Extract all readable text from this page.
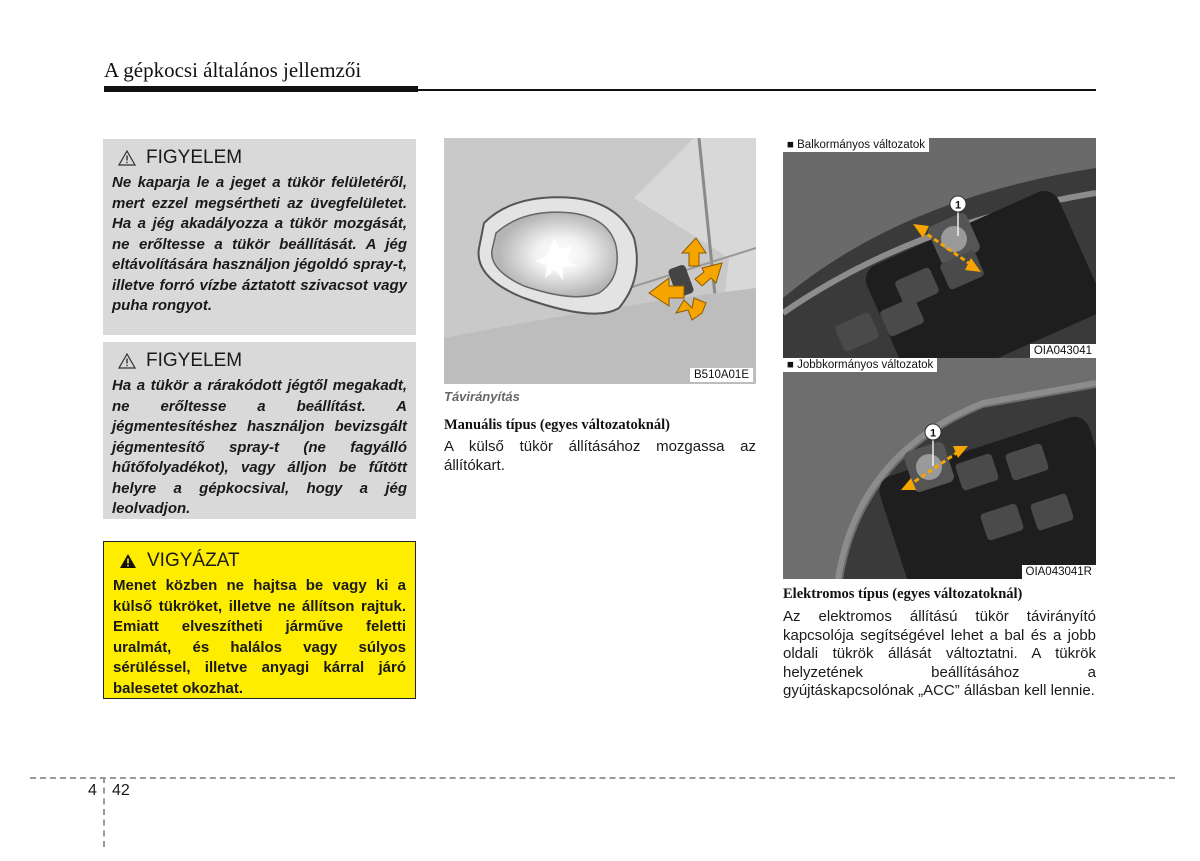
A gépkocsi általános jellemzői
FIGYELEM
Ne kaparja le a jeget a tükör felületéről, mert ezzel megsértheti az üvegfelületet. Ha a jég akadályozza a tükör mozgását, ne erőltesse a tükör beállítását. A jég eltávolítására használjon jégoldó spray-t, illetve forró vízbe áztatott szivacsot vagy puha rongyot.
FIGYELEM
Ha a tükör a rárakódott jégtől megakadt, ne erőltesse a beállítást. A jégmentesítéshez használjon bevizsgált jégmentesítő spray-t (ne fagyálló hűtőfolyadékot), vagy álljon be fűtött helyre a gépkocsival, hogy a jég leolvadjon.
VIGYÁZAT
Menet közben ne hajtsa be vagy ki a külső tükröket, illetve ne állítson rajtuk. Emiatt elveszítheti járműve feletti uralmát, és halálos vagy súlyos sérüléssel, illetve anyagi kárral járó balesetet okozhat.
B510A01E
Távirányítás
Manuális típus (egyes változatoknál)
A külső tükör állításához mozgassa az állítókart.
1
■ Balkormányos változatok
OIA043041
1
■ Jobbkormányos változatok
OIA043041R
Elektromos típus (egyes változatoknál)
Az elektromos állítású tükör távirányító kapcsolója segítségével lehet a bal és a jobb oldali tükrök állását változtatni. A tükrök helyzetének beállításához a gyújtáskapcsolónak „ACC” állásban kell lennie.
4 42
